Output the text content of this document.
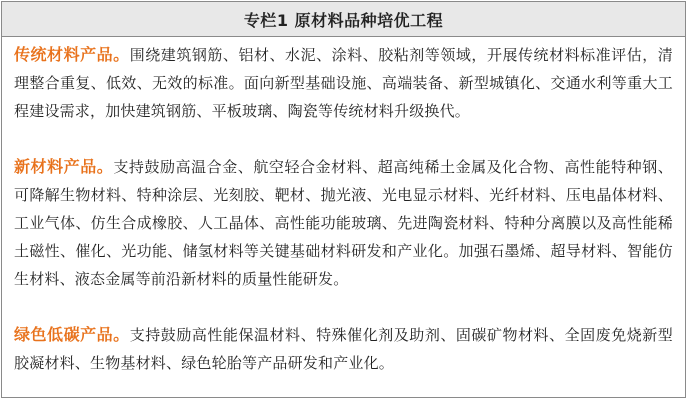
专栏1 原材料品种培优工程

传统材料产品。围绕建筑钢筋、铝材、水泥、涂料、胶粘剂等领域，开展传统材料标准评估，清理整合重复、低效、无效的标准。面向新型基础设施、高端装备、新型城镇化、交通水利等重大工程建设需求，加快建筑钢筋、平板玻璃、陶瓷等传统材料升级换代。

新材料产品。支持鼓励高温合金、航空轻合金材料、超高纯稀土金属及化合物、高性能特种钢、可降解生物材料、特种涂层、光刻胶、靶材、抛光液、光电显示材料、光纤材料、压电晶体材料、工业气体、仿生合成橡胶、人工晶体、高性能功能玻璃、先进陶瓷材料、特种分离膜以及高性能稀土磁性、催化、光功能、储氢材料等关键基础材料研发和产业化。加强石墨烯、超导材料、智能仿生材料、液态金属等前沿新材料的质量性能研发。

绿色低碳产品。支持鼓励高性能保温材料、特殊催化剂及助剂、固碳矿物材料、全固废免烧新型胶凝材料、生物基材料、绿色轮胎等产品研发和产业化。
